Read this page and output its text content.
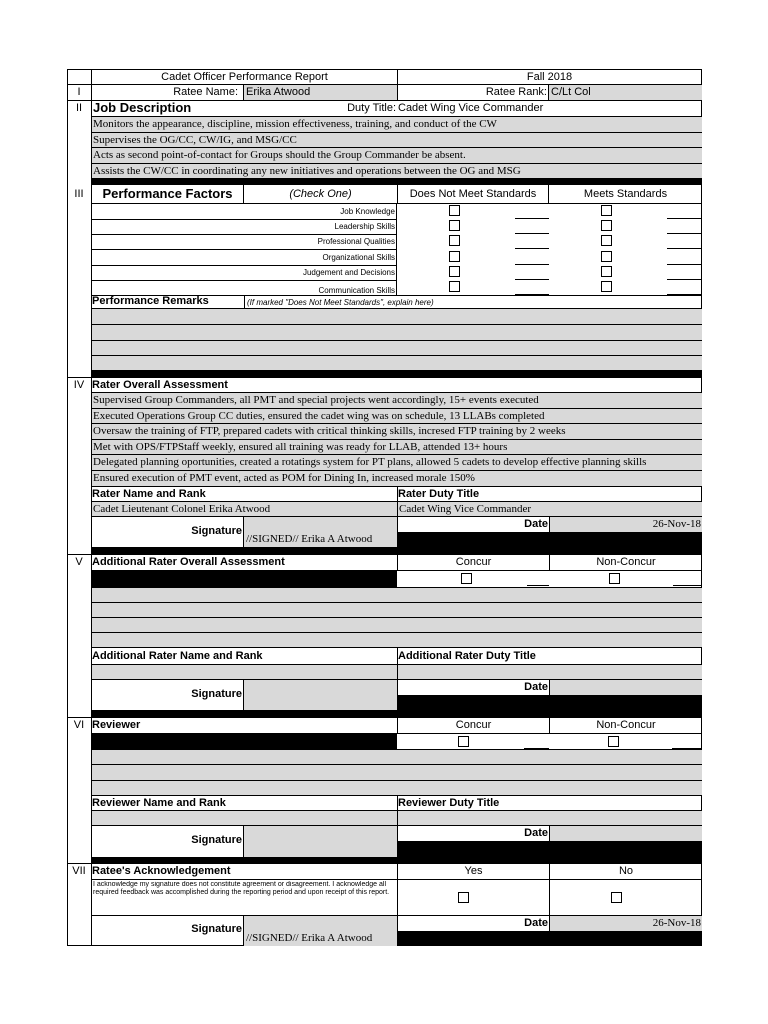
Cadet Officer Performance Report	Fall 2018
I	Ratee Name: Erika Atwood	Ratee Rank: C/Lt Col
II Job Description	Duty Title: Cadet Wing Vice Commander
Monitors the appearance, discipline, mission effectiveness, training, and conduct of the CW
Supervises the OG/CC, CW/IG, and MSG/CC
Acts as second point-of-contact for Groups should the Group Commander be absent.
Assists the CW/CC in coordinating any new initiatives and operations between the OG and MSG
III	Performance Factors	(Check One)	Does Not Meet Standards	Meets Standards
Job Knowledge
Leadership Skills
Professional Qualities
Organizational Skills
Judgement and Decisions
Communication Skills
Performance Remarks	(If marked "Does Not Meet Standards", explain here)
IV Rater Overall Assessment
Supervised Group Commanders, all PMT and special projects went accordingly, 15+ events executed
Executed Operations Group CC duties, ensured the cadet wing was on schedule, 13 LLABs completed
Oversaw the training of FTP, prepared cadets with critical thinking skills, incresed FTP training by 2 weeks
Met with OPS/FTPStaff weekly, ensured all training was ready for LLAB, attended 13+ hours
Delegated planning oportunities, created a rotatings system for PT plans, allowed 5 cadets to develop effective planning skills
Ensured execution of PMT event, acted as POM for Dining In, increased morale 150%
Rater Name and Rank	Rater Duty Title
Cadet Lieutenant Colonel Erika Atwood	Cadet Wing Vice Commander
Signature
//SIGNED// Erika A Atwood
Date	26-Nov-18
V Additional Rater Overall Assessment	Concur	Non-Concur
Additional Rater Name and Rank	Additional Rater Duty Title
Signature
Date
VI Reviewer	Concur	Non-Concur
Reviewer Name and Rank	Reviewer Duty Title
Signature
Date
VII Ratee's Acknowledgement	Yes	No
I acknowledge my signature does not constitute agreement or disagreement. I acknowledge all required feedback was accomplished during the reporting period and upon receipt of this report.
Signature
//SIGNED// Erika A Atwood
Date	26-Nov-18
